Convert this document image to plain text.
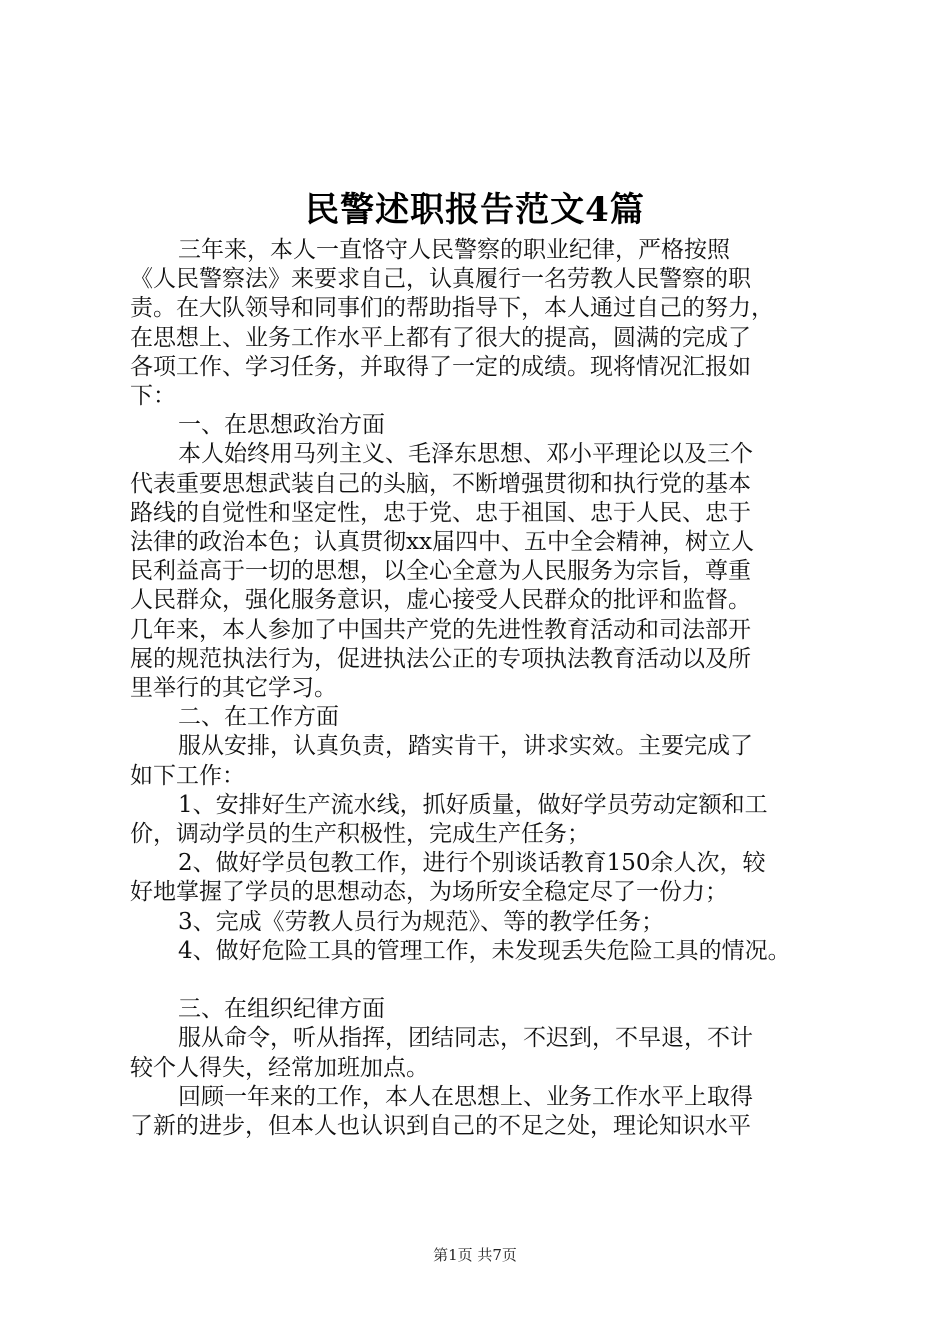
民警述职报告范文4篇

三年来，本人一直恪守人民警察的职业纪律，严格按照

《人民警察法》来要求自己，认真履行一名劳教人民警察的职

责。在大队领导和同事们的帮助指导下，本人通过自己的努力，

在思想上、业务工作水平上都有了很大的提高，圆满的完成了

各项工作、学习任务，并取得了一定的成绩。现将情况汇报如

下：

一、在思想政治方面

本人始终用马列主义、毛泽东思想、邓小平理论以及三个

代表重要思想武装自己的头脑，不断增强贯彻和执行党的基本

路线的自觉性和坚定性，忠于党、忠于祖国、忠于人民、忠于

法律的政治本色；认真贯彻xx届四中、五中全会精神，树立人

民利益高于一切的思想，以全心全意为人民服务为宗旨，尊重

人民群众，强化服务意识，虚心接受人民群众的批评和监督。

几年来，本人参加了中国共产党的先进性教育活动和司法部开

展的规范执法行为，促进执法公正的专项执法教育活动以及所

里举行的其它学习。

二、在工作方面

服从安排，认真负责，踏实肯干，讲求实效。主要完成了

如下工作：

1、安排好生产流水线，抓好质量，做好学员劳动定额和工

价，调动学员的生产积极性，完成生产任务；

2、做好学员包教工作，进行个别谈话教育150余人次，较

好地掌握了学员的思想动态，为场所安全稳定尽了一份力；

3、完成《劳教人员行为规范》、等的教学任务；

4、做好危险工具的管理工作，未发现丢失危险工具的情况。

三、在组织纪律方面

服从命令，听从指挥，团结同志，不迟到，不早退，不计

较个人得失，经常加班加点。

回顾一年来的工作，本人在思想上、业务工作水平上取得

了新的进步，但本人也认识到自己的不足之处，理论知识水平

第1页 共7页
